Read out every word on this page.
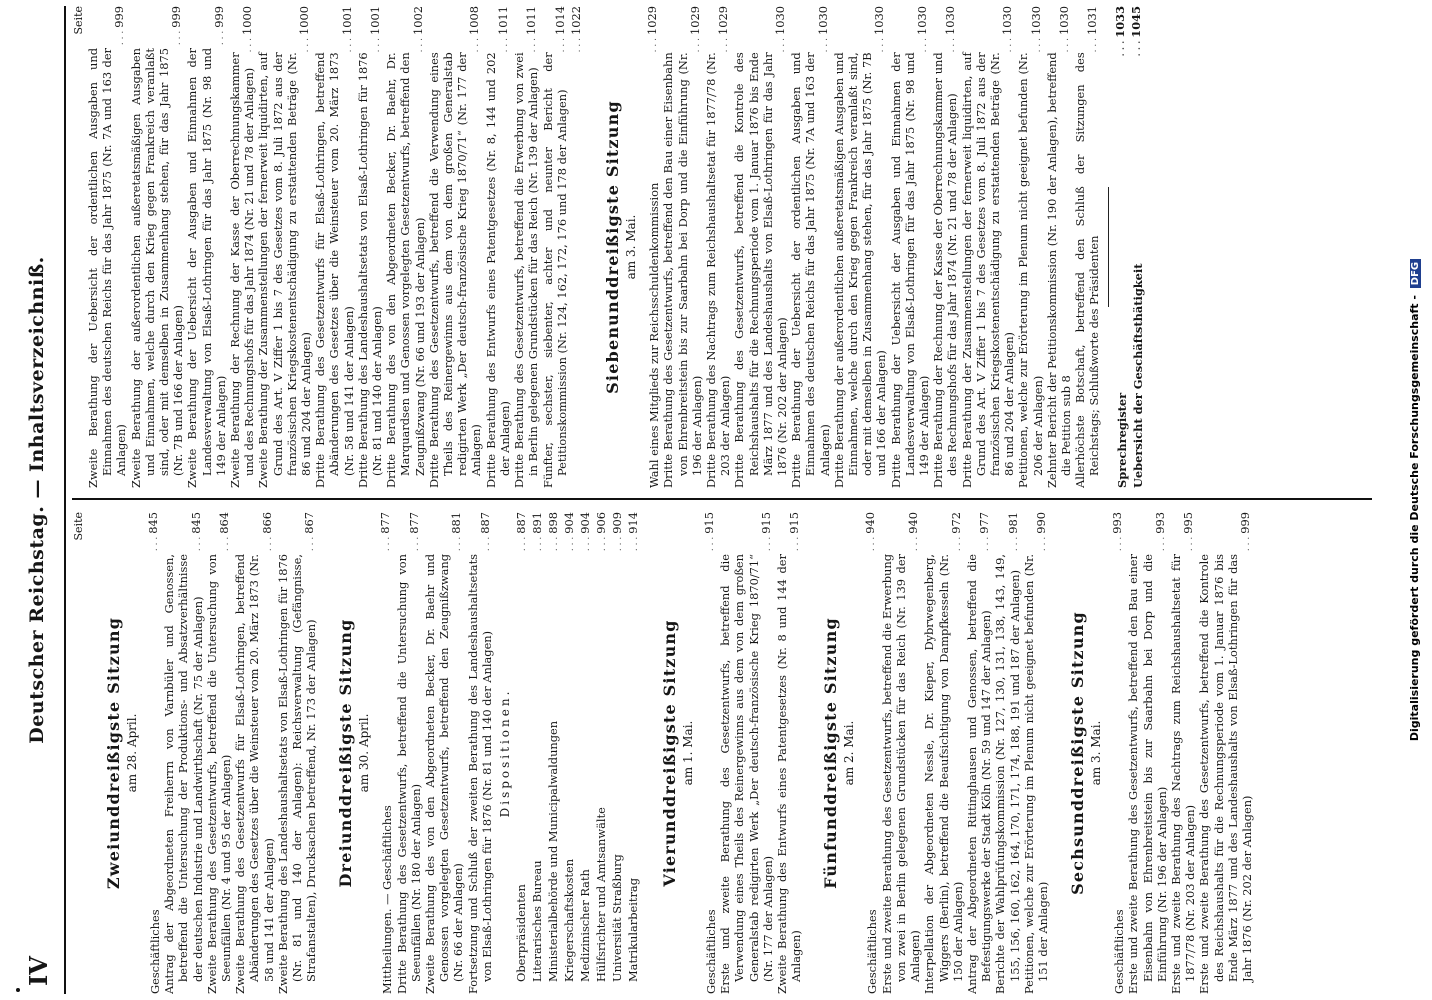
IV
Deutscher Reichstag. — Inhaltsverzeichniß. Seite
Zweiunddreißigste Sitzung am 28. April.
Geschäftliches
. . . 845
Antrag der Abgeordneten Freiherrn von Varnbüler und Genossen, betreffend die Untersuchung der Produktions- und Absatzverhältnisse der deutschen Industrie und Landwirthschaft (Nr. 75 der Anlagen)
. . . 845
Zweite Berathung des Gesetzentwurfs, betreffend die Untersuchung von Seeunfällen (Nr. 4 und 95 der Anlagen)
. . . 864
Zweite Berathung des Gesetzentwurfs für Elsaß-Lothringen, betreffend Abänderungen des Gesetzes über die Weinsteuer vom 20. März 1873 (Nr. 58 und 141 der Anlagen)
. . . 866
Zweite Berathung des Landeshaushaltsetats von Elsaß-Lothringen für 1876 (Nr. 81 und 140 der Anlagen): Reichsverwaltung (Gefängnisse, Strafanstalten), Drucksachen betreffend, Nr. 173 der Anlagen)
. . . 867
Dreiunddreißigste Sitzung am 30. April.
Mittheilungen. — Geschäftliches
. . . 877
Dritte Berathung des Gesetzentwurfs, betreffend die Untersuchung von Seeunfällen (Nr. 180 der Anlagen)
. . . 877
Zweite Berathung des von den Abgeordneten Becker, Dr. Baehr und Genossen vorgelegten Gesetzentwurfs, betreffend den Zeugnißzwang (Nr. 66 der Anlagen)
. . . 881
Fortsetzung und Schluß der zweiten Berathung des Landeshaushaltsetats von Elsaß-Lothringen für 1876 (Nr. 81 und 140 der Anlagen)
. . . 887
Dispositionen.
Oberpräsidenten
. . . 887
Literarisches Bureau
. . . 891
Ministerialbehörde und Municipalwaldungen
. . . 898
Kriegerschaftskosten
. . . 904
Medizinischer Rath
. . . 904
Hülfsrichter und Amtsanwälte
. . . 906
Universität Straßburg
. . . 909
Matrikularbeitrag
. . . 914
Vierunddreißigste Sitzung am 1. Mai.
Geschäftliches
. . . 915
Erste und zweite Berathung des Gesetzentwurfs, betreffend die Verwendung eines Theils des Reinergewinns aus dem von dem großen Generalstab redigirten Werk „Der deutsch-französische Krieg 1870/71“ (Nr. 177 der Anlagen)
. . . 915
Zweite Berathung des Entwurfs eines Patentgesetzes (Nr. 8 und 144 der Anlagen)
. . . 915
Fünfunddreißigste Sitzung am 2. Mai.
Geschäftliches
. . . 940
Erste und zweite Berathung des Gesetzentwurfs, betreffend die Erwerbung von zwei in Berlin gelegenen Grundstücken für das Reich (Nr. 139 der Anlagen)
. . . 940
Interpellation der Abgeordneten Nessle, Dr. Kieper, Dybrwegenberg, Wiggers (Berlin), betreffend die Beaufsichtigung von Dampfkesseln (Nr. 150 der Anlagen)
. . . 972
Antrag der Abgeordneten Rittinghausen und Genossen, betreffend die Befestigungswerke der Stadt Köln (Nr. 59 und 147 der Anlagen)
. . . 977
Berichte der Wahlprüfungskommission (Nr. 127, 130, 131, 138, 143, 149, 155, 156, 160, 162, 164, 170, 171, 174, 188, 191 und 187 der Anlagen)
. . . 981
Petitionen, welche zur Erörterung im Plenum nicht geeignet befunden (Nr. 151 der Anlagen)
. . . 990
Sechsunddreißigste Sitzung am 3. Mai.
Geschäftliches
. . . 993
Erste und zweite Berathung des Gesetzentwurfs, betreffend den Bau einer Eisenbahn von Ehrenbreitstein bis zur Saarbahn bei Dorp und die Einführung (Nr. 196 der Anlagen)
. . . 993
Erste und zweite Berathung des Nachtrags zum Reichshaushaltsetat für 1877/78 (Nr. 203 der Anlagen)
. . . 995
Erste und zweite Berathung des Gesetzentwurfs, betreffend die Kontrole des Reichshaushalts für die Rechnungsperiode vom 1. Januar 1876 bis Ende März 1877 und des Landeshaushalts von Elsaß-Lothringen für das Jahr 1876 (Nr. 202 der Anlagen)
. . . 999
Seite
Zweite Berathung der Uebersicht der ordentlichen Ausgaben und Einnahmen des deutschen Reichs für das Jahr 1875 (Nr. 7A und 163 der Anlagen)
. . . 999
Zweite Berathung der außerordentlichen außeretatsmäßigen Ausgaben und Einnahmen, welche durch den Krieg gegen Frankreich veranlaßt sind, oder mit demselben in Zusammenhang stehen, für das Jahr 1875 (Nr. 7B und 166 der Anlagen)
. . . 999
Zweite Berathung der Uebersicht der Ausgaben und Einnahmen der Landesverwaltung von Elsaß-Lothringen für das Jahr 1875 (Nr. 98 und 149 der Anlagen)
. . . 999
Zweite Berathung der Rechnung der Kasse der Oberrechnungskammer und des Rechnungshofs für das Jahr 1874 (Nr. 21 und 78 der Anlagen)
. . . 1000
Zweite Berathung der Zusammenstellungen der fernerweit liquidirten, auf Grund des Art. V Ziffer 1 bis 7 des Gesetzes vom 8. Juli 1872 aus der französischen Kriegskostenentschädigung zu erstattenden Beträge (Nr. 86 und 204 der Anlagen)
. . . 1000
Dritte Berathung des Gesetzentwurfs für Elsaß-Lothringen, betreffend Abänderungen des Gesetzes über die Weinsteuer vom 20. März 1873 (Nr. 58 und 141 der Anlagen)
. . . 1001
Dritte Berathung des Landeshaushaltsetats von Elsaß-Lothringen für 1876 (Nr. 81 und 140 der Anlagen)
. . . 1001
Dritte Berathung des von den Abgeordneten Becker, Dr. Baehr, Dr. Marquardsen und Genossen vorgelegten Gesetzentwurfs, betreffend den Zeugnißzwang (Nr. 66 und 193 der Anlagen)
. . . 1002
Dritte Berathung des Gesetzentwurfs, betreffend die Verwendung eines Theils des Reinergewinns aus dem von dem großen Generalstab redigirten Werk „Der deutsch-französische Krieg 1870/71“ (Nr. 177 der Anlagen)
. . . 1008
Dritte Berathung des Entwurfs eines Patentgesetzes (Nr. 8, 144 und 202 der Anlagen)
. . . 1011
Dritte Berathung des Gesetzentwurfs, betreffend die Erwerbung von zwei in Berlin gelegenen Grundstücken für das Reich (Nr. 139 der Anlagen)
. . . 1011
Fünfter, sechster, siebenter, achter und neunter Bericht der Petitionskommission (Nr. 124, 162, 172, 176 und 178 der Anlagen)
. . . 1014 . . . 1022
Siebenunddreißigste Sitzung am 3. Mai. Wahl eines Mitglieds zur Reichsschuldenkommission
. . . 1029
Dritte Berathung des Gesetzentwurfs, betreffend den Bau einer Eisenbahn von Ehrenbreitstein bis zur Saarbahn bei Dorp und die Einführung (Nr. 196 der Anlagen)
. . . 1029
Dritte Berathung des Nachtrags zum Reichshaushaltsetat für 1877/78 (Nr. 203 der Anlagen)
. . . 1029
Dritte Berathung des Gesetzentwurfs, betreffend die Kontrole des Reichshaushalts für die Rechnungsperiode vom 1. Januar 1876 bis Ende März 1877 und des Landeshaushalts von Elsaß-Lothringen für das Jahr 1876 (Nr. 202 der Anlagen)
. . . 1030
Dritte Berathung der Uebersicht der ordentlichen Ausgaben und Einnahmen des deutschen Reichs für das Jahr 1875 (Nr. 7A und 163 der Anlagen)
. . . 1030
Dritte Berathung der außerordentlichen außeretatsmäßigen Ausgaben und Einnahmen, welche durch den Krieg gegen Frankreich veranlaßt sind, oder mit demselben in Zusammenhang stehen, für das Jahr 1875 (Nr. 7B und 166 der Anlagen)
. . . 1030
Dritte Berathung der Uebersicht der Ausgaben und Einnahmen der Landesverwaltung von Elsaß-Lothringen für das Jahr 1875 (Nr. 98 und 149 der Anlagen)
. . . 1030
Dritte Berathung der Rechnung der Kasse der Oberrechnungskammer und des Rechnungshofs für das Jahr 1874 (Nr. 21 und 78 der Anlagen)
. . . 1030
Dritte Berathung der Zusammenstellungen der fernerweit liquidirten, auf Grund des Art. V Ziffer 1 bis 7 des Gesetzes vom 8. Juli 1872 aus der französischen Kriegskostenentschädigung zu erstattenden Beträge (Nr. 86 und 204 der Anlagen)
. . . 1030
Petitionen, welche zur Erörterung im Plenum nicht geeignet befunden (Nr. 206 der Anlagen)
. . . 1030
Zehnter Bericht der Petitionskommission (Nr. 190 der Anlagen), betreffend die Petition sub 8
. . . 1030
Allerhöchste Botschaft, betreffend den Schluß der Sitzungen des Reichstags; Schlußworte des Präsidenten
. . . 1031
Sprechregister
. . . 1033
Uebersicht der Geschäftsthätigkeit
. . . 1045
Digitalisierung gefördert durch die Deutsche Forschungsgemeinschaft - DFG
